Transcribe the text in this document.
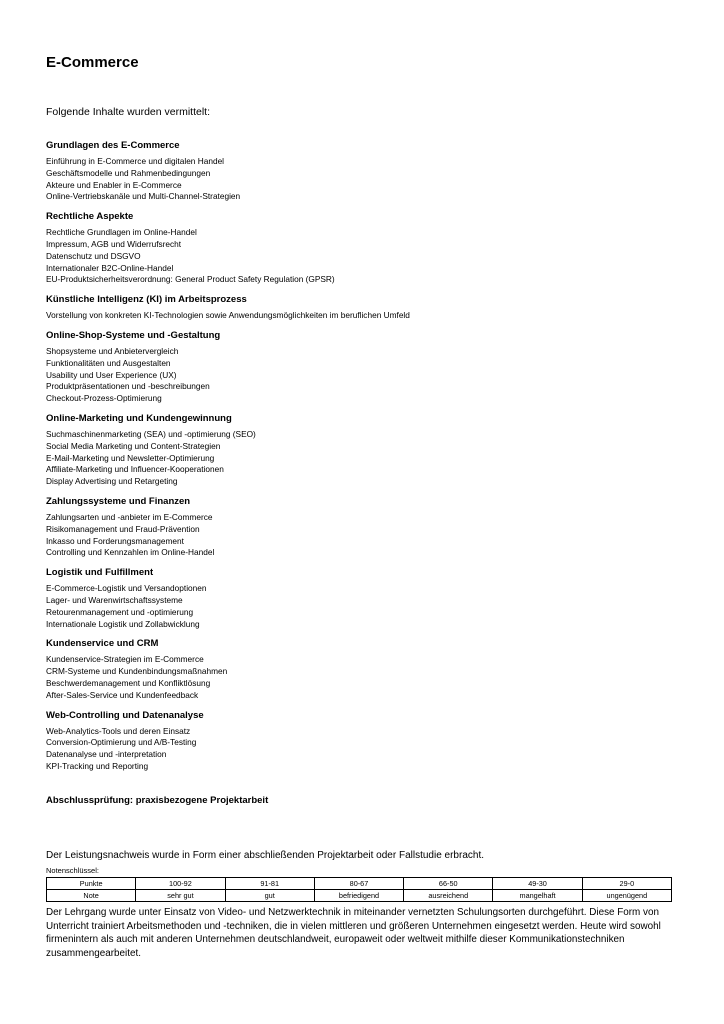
E-Commerce

Folgende Inhalte wurden vermittelt:

Grundlagen des E-Commerce
Einführung in E-Commerce und digitalen Handel
Geschäftsmodelle und Rahmenbedingungen
Akteure und Enabler in E-Commerce
Online-Vertriebskanäle und Multi-Channel-Strategien
Rechtliche Aspekte
Rechtliche Grundlagen im Online-Handel
Impressum, AGB und Widerrufsrecht
Datenschutz und DSGVO
Internationaler B2C-Online-Handel
EU-Produktsicherheitsverordnung: General Product Safety Regulation (GPSR)
Künstliche Intelligenz (KI) im Arbeitsprozess
Vorstellung von konkreten KI-Technologien sowie Anwendungsmöglichkeiten im beruflichen Umfeld
Online-Shop-Systeme und -Gestaltung
Shopsysteme und Anbietervergleich
Funktionalitäten und Ausgestalten
Usability und User Experience (UX)
Produktpräsentationen und -beschreibungen
Checkout-Prozess-Optimierung
Online-Marketing und Kundengewinnung
Suchmaschinenmarketing (SEA) und -optimierung (SEO)
Social Media Marketing und Content-Strategien
E-Mail-Marketing und Newsletter-Optimierung
Affiliate-Marketing und Influencer-Kooperationen
Display Advertising und Retargeting
Zahlungssysteme und Finanzen
Zahlungsarten und -anbieter im E-Commerce
Risikomanagement und Fraud-Prävention
Inkasso und Forderungsmanagement
Controlling und Kennzahlen im Online-Handel
Logistik und Fulfillment
E-Commerce-Logistik und Versandoptionen
Lager- und Warenwirtschaftssysteme
Retourenmanagement und -optimierung
Internationale Logistik und Zollabwicklung
Kundenservice und CRM
Kundenservice-Strategien im E-Commerce
CRM-Systeme und Kundenbindungsmaßnahmen
Beschwerdemanagement und Konfliktlösung
After-Sales-Service und Kundenfeedback
Web-Controlling und Datenanalyse
Web-Analytics-Tools und deren Einsatz
Conversion-Optimierung und A/B-Testing
Datenanalyse und -interpretation
KPI-Tracking und Reporting

Abschlussprüfung: praxisbezogene Projektarbeit

Der Leistungsnachweis wurde in Form einer abschließenden Projektarbeit oder Fallstudie erbracht.

Notenschlüssel:

Punkte	100-92	91-81	80-67	66-50	49-30	29-0
Note	sehr gut	gut	befriedigend	ausreichend	mangelhaft	ungenügend

Der Lehrgang wurde unter Einsatz von Video- und Netzwerktechnik in miteinander vernetzten Schulungsorten durchgeführt. Diese Form von Unterricht trainiert Arbeitsmethoden und -techniken, die in vielen mittleren und größeren Unternehmen eingesetzt werden. Heute wird sowohl firmenintern als auch mit anderen Unternehmen deutschlandweit, europaweit oder weltweit mithilfe dieser Kommunikationstechniken zusammengearbeitet.
